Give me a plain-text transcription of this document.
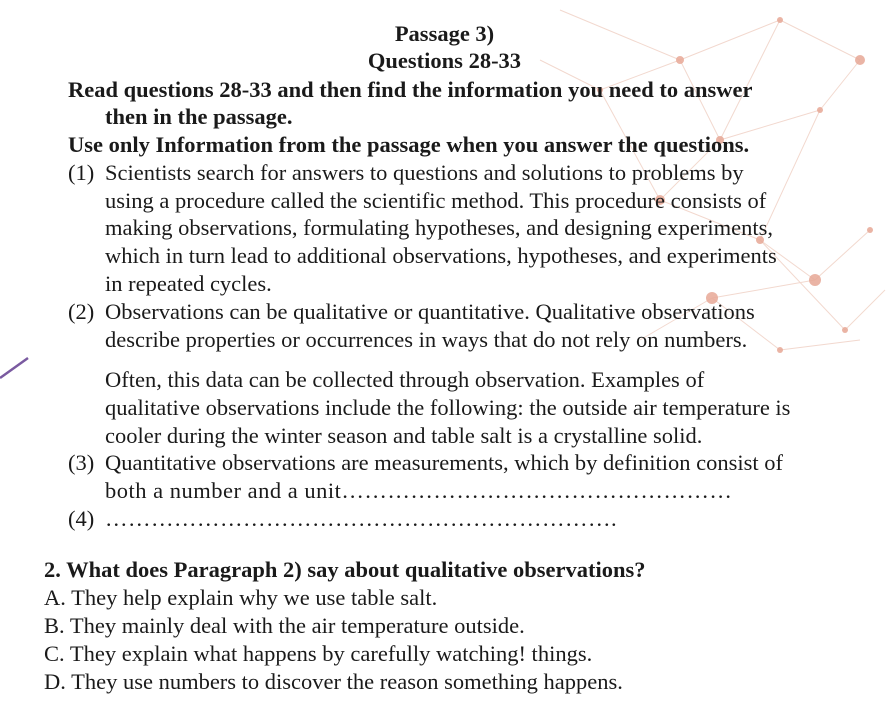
Passage 3)
Questions 28-33
Read questions 28-33 and then find the information you need to answer
then in the passage.
Use only Information from the passage when you answer the questions.
(1) Scientists search for answers to questions and solutions to problems by
using a procedure called the scientific method. This procedure consists of
making observations, formulating hypotheses, and designing experiments,
which in turn lead to additional observations, hypotheses, and experiments
in repeated cycles.
(2) Observations can be qualitative or quantitative. Qualitative observations
describe properties or occurrences in ways that do not rely on numbers.
Often, this data can be collected through observation. Examples of
qualitative observations include the following: the outside air temperature is
cooler during the winter season and table salt is a crystalline solid.
(3) Quantitative observations are measurements, which by definition consist of
both a number and a unit……………………………………………
(4) ………………………………………………………….
2. What does Paragraph 2) say about qualitative observations?
A. They help explain why we use table salt.
B. They mainly deal with the air temperature outside.
C. They explain what happens by carefully watching! things.
D. They use numbers to discover the reason something happens.
